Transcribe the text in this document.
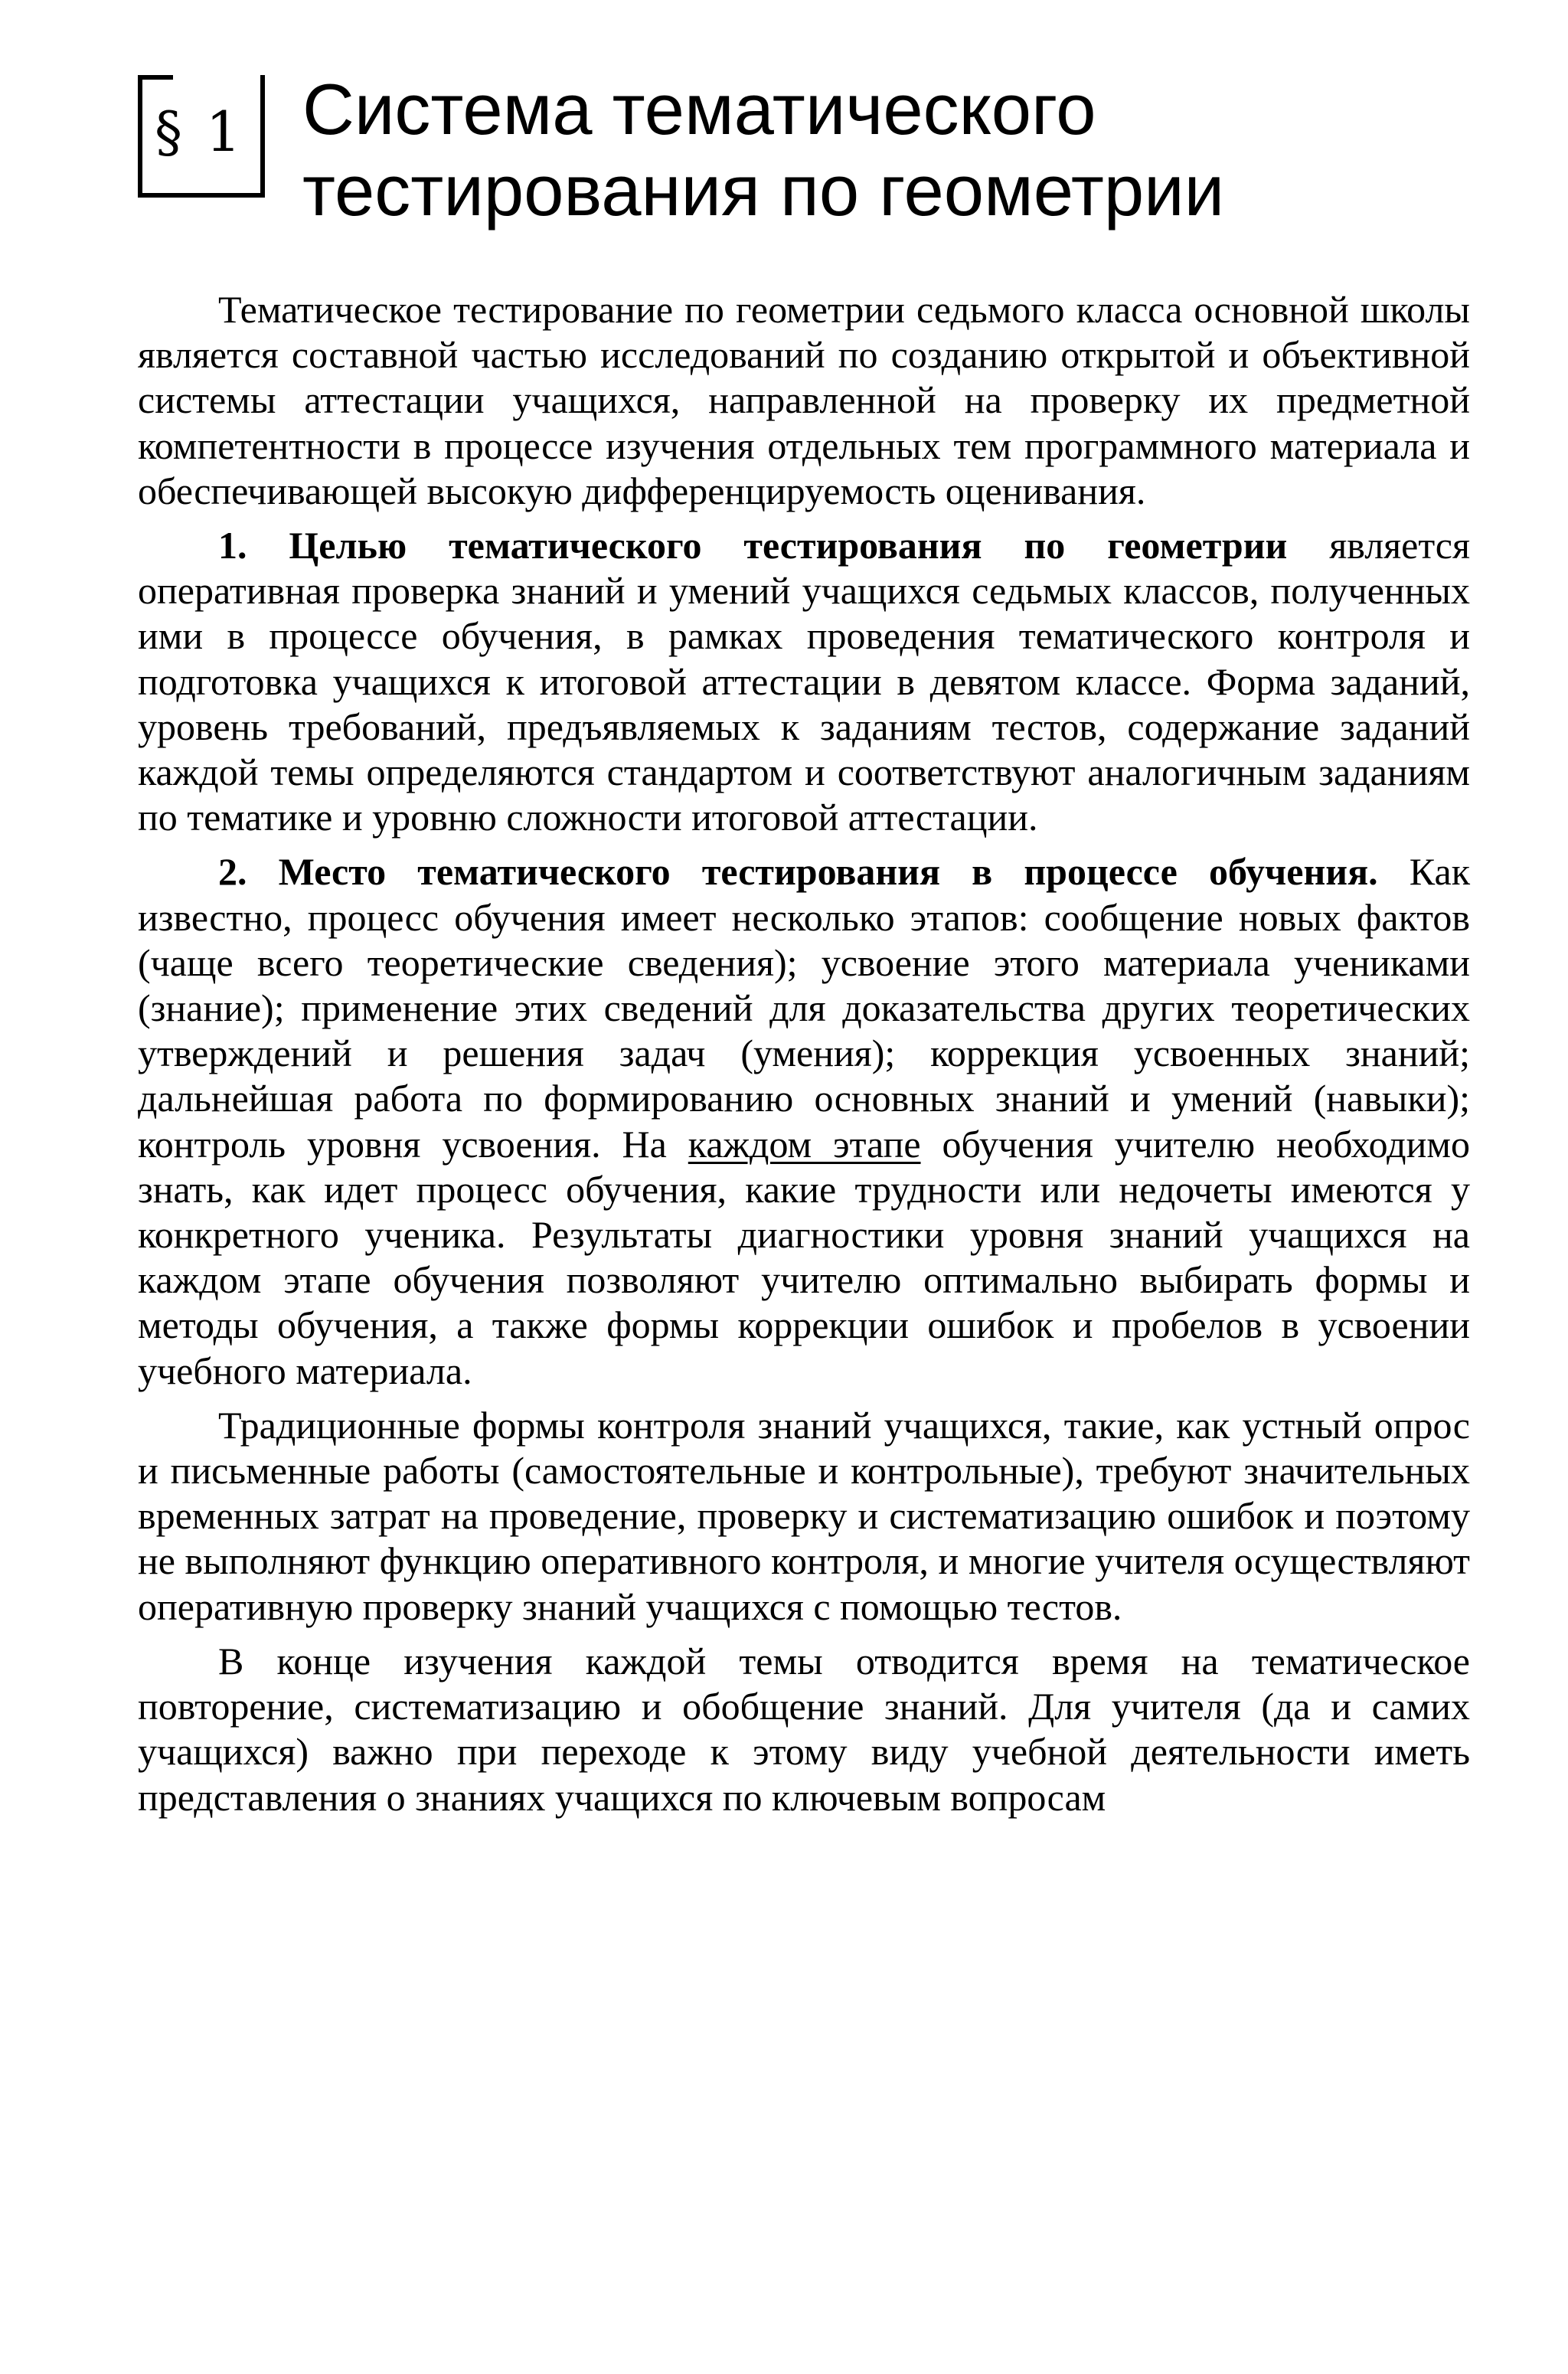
§ 1 Система тематического
тестирования по геометрии

Тематическое тестирование по геометрии седьмого класса основной школы является составной частью исследований по созданию открытой и объективной системы аттестации учащихся, направленной на проверку их предметной компетентности в процессе изучения отдельных тем программного материала и обеспечивающей высокую дифференцируемость оценивания.

1. Целью тематического тестирования по геометрии является оперативная проверка знаний и умений учащихся седьмых классов, полученных ими в процессе обучения, в рамках проведения тематического контроля и подготовка учащихся к итоговой аттестации в девятом классе. Форма заданий, уровень требований, предъявляемых к заданиям тестов, содержание заданий каждой темы определяются стандартом и соответствуют аналогичным заданиям по тематике и уровню сложности итоговой аттестации.

2. Место тематического тестирования в процессе обучения. Как известно, процесс обучения имеет несколько этапов: сообщение новых фактов (чаще всего теоретические сведения); усвоение этого материала учениками (знание); применение этих сведений для доказательства других теоретических утверждений и решения задач (умения); коррекция усвоенных знаний; дальнейшая работа по формированию основных знаний и умений (навыки); контроль уровня усвоения. На каждом этапе обучения учителю необходимо знать, как идет процесс обучения, какие трудности или недочеты имеются у конкретного ученика. Результаты диагностики уровня знаний учащихся на каждом этапе обучения позволяют учителю оптимально выбирать формы и методы обучения, а также формы коррекции ошибок и пробелов в усвоении учебного материала.

Традиционные формы контроля знаний учащихся, такие, как устный опрос и письменные работы (самостоятельные и контрольные), требуют значительных временных затрат на проведение, проверку и систематизацию ошибок и поэтому не выполняют функцию оперативного контроля, и многие учителя осуществляют оперативную проверку знаний учащихся с помощью тестов.

В конце изучения каждой темы отводится время на тематическое повторение, систематизацию и обобщение знаний. Для учителя (да и самих учащихся) важно при переходе к этому виду учебной деятельности иметь представления о знаниях учащихся по ключевым вопросам
